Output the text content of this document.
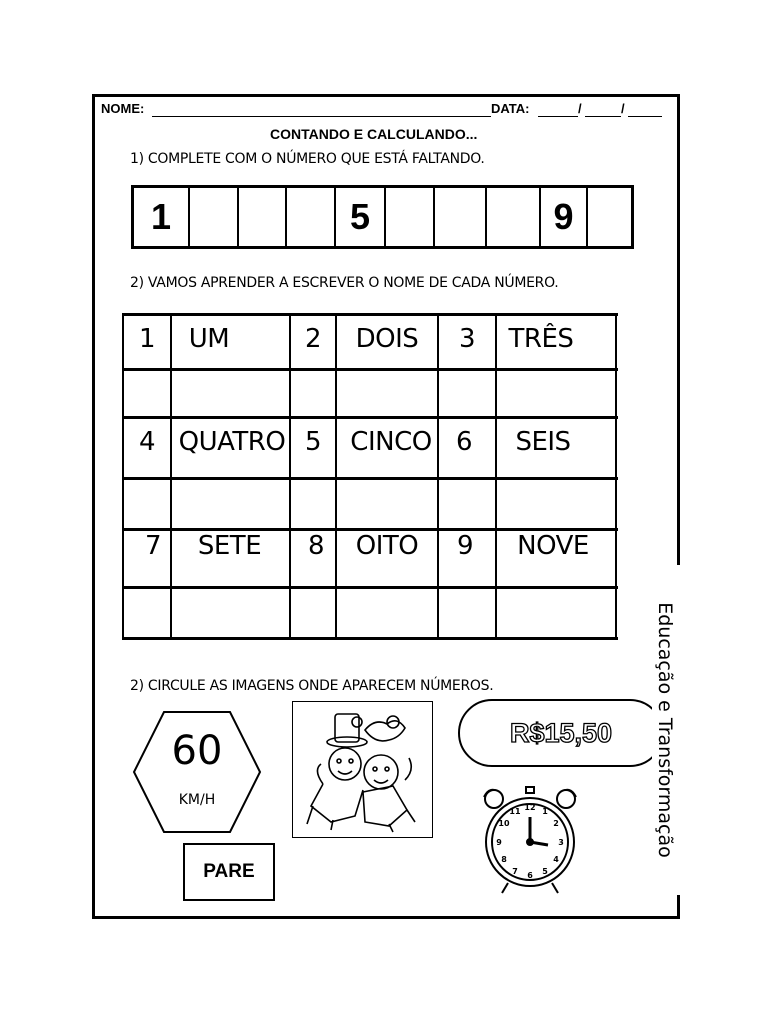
NOME:	DATA:	/	/
CONTANDO E CALCULANDO...
1) COMPLETE COM O NÚMERO QUE ESTÁ FALTANDO.
1	5	9
2) VAMOS APRENDER A ESCREVER O NOME DE CADA NÚMERO.
1	UM	2	DOIS	3	TRÊS
4 QUATRO 5	CINCO 6	SEIS
7	SETE	8	OITO	9	NOVE
2) CIRCULE AS IMAGENS ONDE APARECEM NÚMEROS.
60
KM/H
R$15,50
12 1
2
3
4
5
6
7
8
9
10
11
PARE
Educação e Transformação
